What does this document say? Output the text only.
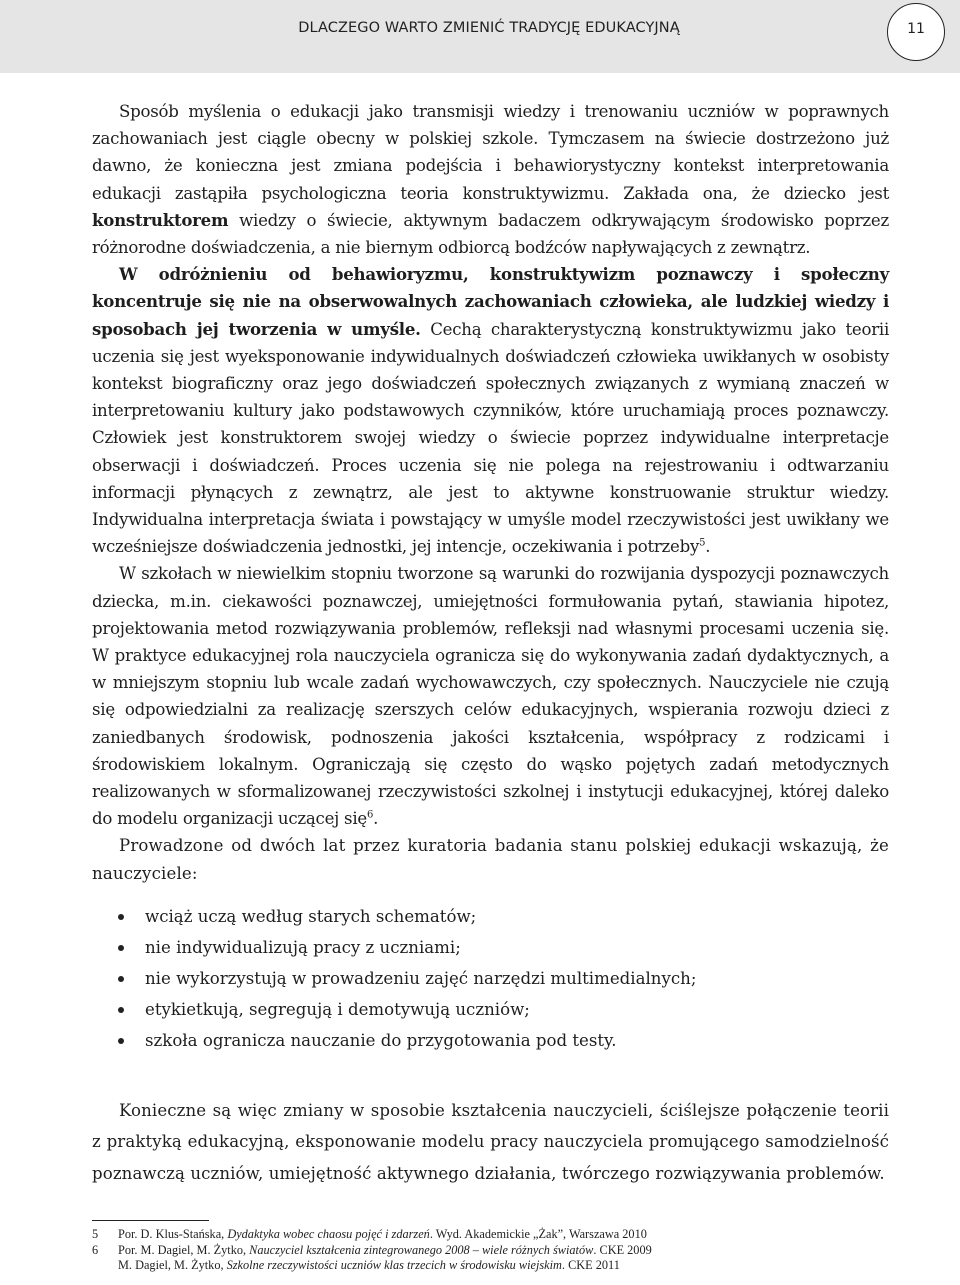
DLACZEGO WARTO ZMIENIĆ TRADYCJĘ EDUKACYJNĄ	11

Sposób myślenia o edukacji jako transmisji wiedzy i trenowaniu uczniów w poprawnych zachowaniach jest ciągle obecny w polskiej szkole. Tymczasem na świecie dostrzeżono już dawno, że konieczna jest zmiana podejścia i behawiorystyczny kontekst interpretowania edukacji zastąpiła psychologiczna teoria konstruktywizmu. Zakłada ona, że dziecko jest konstruktorem wiedzy o świecie, aktywnym badaczem odkrywającym środowisko poprzez różnorodne doświadczenia, a nie biernym odbiorcą bodźców napływających z zewnątrz.

W odróżnieniu od behawioryzmu, konstruktywizm poznawczy i społeczny koncentruje się nie na obserwowalnych zachowaniach człowieka, ale ludzkiej wiedzy i sposobach jej tworzenia w umyśle. Cechą charakterystyczną konstruktywizmu jako teorii uczenia się jest wyeksponowanie indywidualnych doświadczeń człowieka uwikłanych w osobisty kontekst biograficzny oraz jego doświadczeń społecznych związanych z wymianą znaczeń w interpretowaniu kultury jako podstawowych czynników, które uruchamiają proces poznawczy. Człowiek jest konstruktorem swojej wiedzy o świecie poprzez indywidualne interpretacje obserwacji i doświadczeń. Proces uczenia się nie polega na rejestrowaniu i odtwarzaniu informacji płynących z zewnątrz, ale jest to aktywne konstruowanie struktur wiedzy. Indywidualna interpretacja świata i powstający w umyśle model rzeczywistości jest uwikłany we wcześniejsze doświadczenia jednostki, jej intencje, oczekiwania i potrzeby$^5$.

W szkołach w niewielkim stopniu tworzone są warunki do rozwijania dyspozycji poznawczych dziecka, m.in. ciekawości poznawczej, umiejętności formułowania pytań, stawiania hipotez, projektowania metod rozwiązywania problemów, refleksji nad własnymi procesami uczenia się. W praktyce edukacyjnej rola nauczyciela ogranicza się do wykonywania zadań dydaktycznych, a w mniejszym stopniu lub wcale zadań wychowawczych, czy społecznych. Nauczyciele nie czują się odpowiedzialni za realizację szerszych celów edukacyjnych, wspierania rozwoju dzieci z zaniedbanych środowisk, podnoszenia jakości kształcenia, współpracy z rodzicami i środowiskiem lokalnym. Ograniczają się często do wąsko pojętych zadań metodycznych realizowanych w sformalizowanej rzeczywistości szkolnej i instytucji edukacyjnej, której daleko do modelu organizacji uczącej się$^6$.

Prowadzone od dwóch lat przez kuratoria badania stanu polskiej edukacji wskazują, że nauczyciele:

wciąż uczą według starych schematów;
nie indywidualizują pracy z uczniami;
nie wykorzystują w prowadzeniu zajęć narzędzi multimedialnych;
etykietkują, segregują i demotywują uczniów;
szkoła ogranicza nauczanie do przygotowania pod testy.

Konieczne są więc zmiany w sposobie kształcenia nauczycieli, ściślejsze połączenie teorii z praktyką edukacyjną, eksponowanie modelu pracy nauczyciela promującego samodzielność poznawczą uczniów, umiejętność aktywnego działania, twórczego rozwiązywania problemów.

5	Por. D. Klus-Stańska, Dydaktyka wobec chaosu pojęć i zdarzeń. Wyd. Akademickie „Żak”, Warszawa 2010
6	Por. M. Dagiel, M. Żytko, Nauczyciel kształcenia zintegrowanego 2008 – wiele różnych światów. CKE 2009
M. Dagiel, M. Żytko, Szkolne rzeczywistości uczniów klas trzecich w środowisku wiejskim. CKE 2011
